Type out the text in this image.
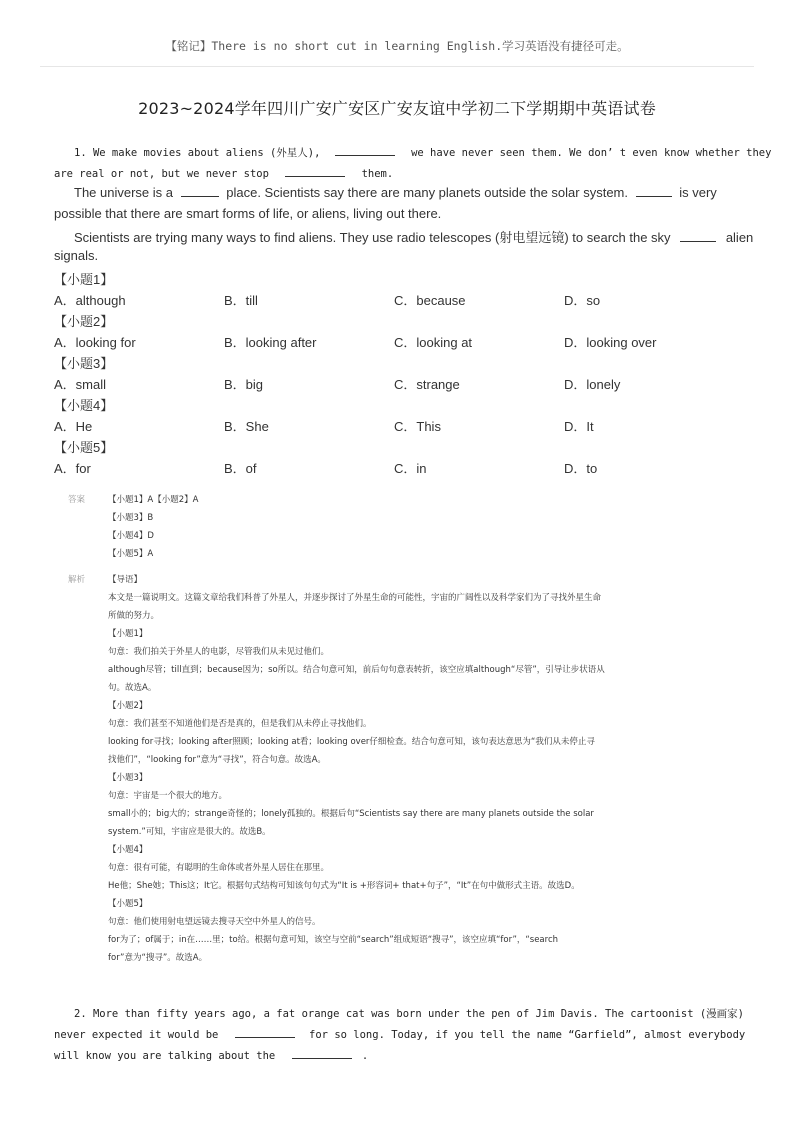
【铭记】There is no short cut in learning English.学习英语没有捷径可走。
2023~2024学年四川广安广安区广安友谊中学初二下学期期中英语试卷
1. We make movies about aliens (外星人),	we have never seen them. We don’ t even know whether they
are real or not, but we never stop	them.
The universe is a	place. Scientists say there are many planets outside the solar system.	is very
possible that there are smart forms of life, or aliens, living out there.
Scientists are trying many ways to find aliens. They use radio telescopes (射电望远镜) to search the sky	alien
signals.
【小题1】
A．although	B．till	C．because	D．so
【小题2】
A．looking for	B．looking after	C．looking at	D．looking over
【小题3】
A．small	B．big	C．strange	D．lonely
【小题4】
A．He	B．She	C．This	D．It
【小题5】
A．for	B．of	C．in	D．to
答案	【小题1】A【小题2】A
【小题3】B
【小题4】D
【小题5】A
解析	【导语】
本文是一篇说明文。这篇文章给我们科普了外星人，并逐步探讨了外星生命的可能性，宇宙的广阔性以及科学家们为了寻找外星生命
所做的努力。
【小题1】
句意：我们拍关于外星人的电影，尽管我们从未见过他们。
although尽管；till直到；because因为；so所以。结合句意可知，前后句句意表转折，该空应填although“尽管”，引导让步状语从
句。故选A。
【小题2】
句意：我们甚至不知道他们是否是真的，但是我们从未停止寻找他们。
looking for寻找；looking after照顾；looking at看；looking over仔细检查。结合句意可知，该句表达意思为“我们从未停止寻
找他们”，“looking for”意为“寻找”，符合句意。故选A。
【小题3】
句意：宇宙是一个很大的地方。
small小的；big大的；strange奇怪的；lonely孤独的。根据后句“Scientists say there are many planets outside the solar
system.”可知，宇宙应是很大的。故选B。
【小题4】
句意：很有可能，有聪明的生命体或者外星人居住在那里。
He他；She她；This这；It它。根据句式结构可知该句句式为“It is +形容词+ that+句子”，“It”在句中做形式主语。故选D。
【小题5】
句意：他们使用射电望远镜去搜寻天空中外星人的信号。
for为了；of属于；in在……里；to给。根据句意可知，该空与空前“search”组成短语“搜寻”，该空应填“for”，“search
for”意为“搜寻”。故选A。
2. More than fifty years ago, a fat orange cat was born under the pen of Jim Davis. The cartoonist (漫画家)
never expected it would be	for so long. Today, if you tell the name “Garfield”, almost everybody
will know you are talking about the	.
